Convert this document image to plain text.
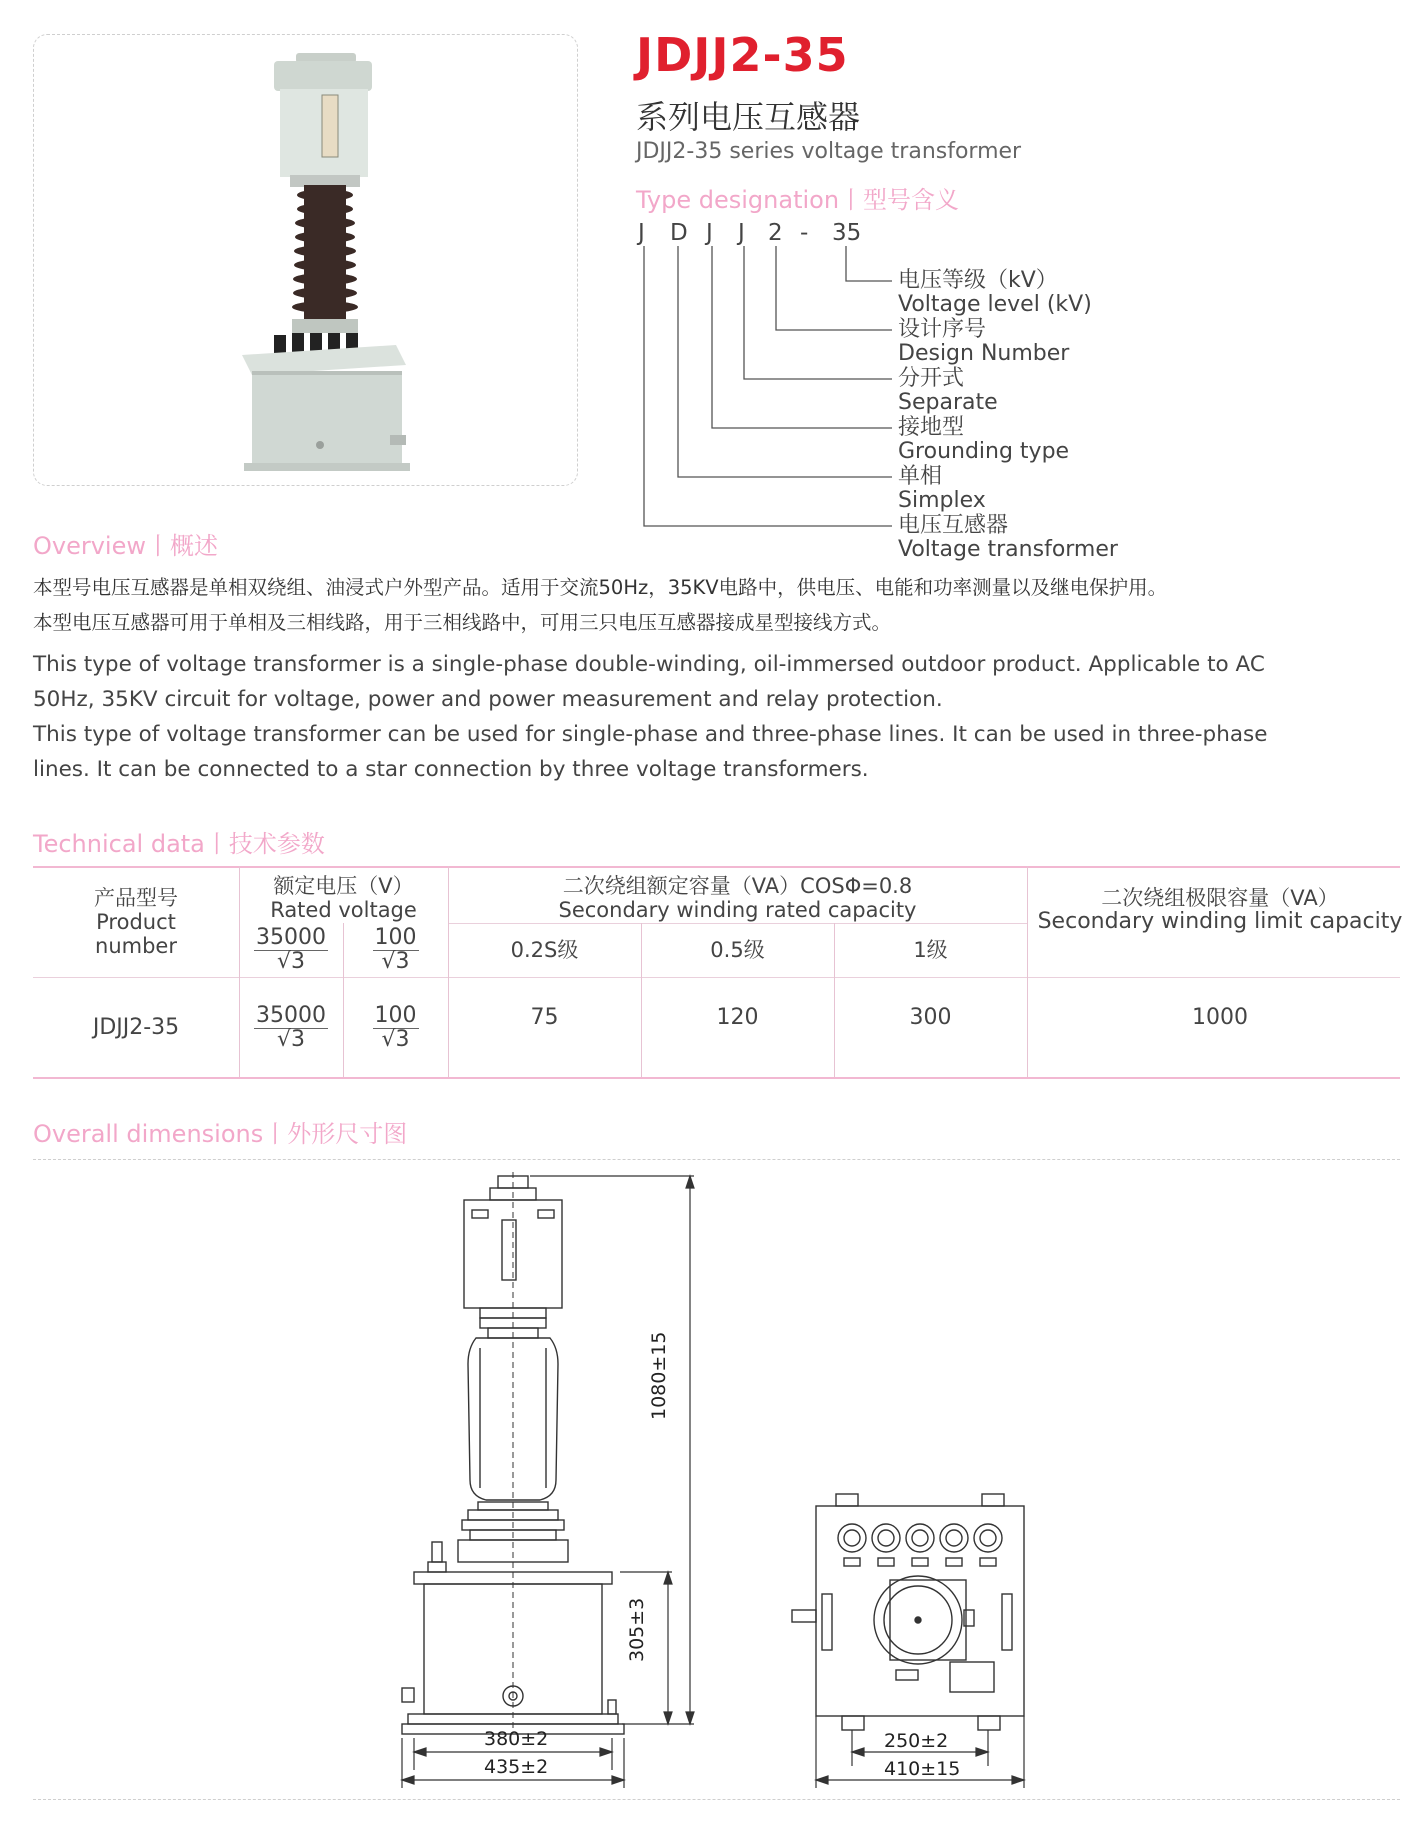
JDJJ2-35
系列电压互感器
JDJJ2-35 series voltage transformer
Type designation丨型号含义
J D J J 2 - 35
电压等级（kV）
Voltage level (kV)
设计序号
Design Number
分开式
Separate
接地型
Grounding type
单相
Simplex
电压互感器
Voltage transformer
Overview丨概述
本型号电压互感器是单相双绕组、油浸式户外型产品。适用于交流50Hz，35KV电路中，供电压、电能和功率测量以及继电保护用。
本型电压互感器可用于单相及三相线路，用于三相线路中，可用三只电压互感器接成星型接线方式。
This type of voltage transformer is a single-phase double-winding, oil-immersed outdoor product. Applicable to AC
50Hz, 35KV circuit for voltage, power and power measurement and relay protection.
This type of voltage transformer can be used for single-phase and three-phase lines. It can be used in three-phase
lines. It can be connected to a star connection by three voltage transformers.
Technical data丨技术参数
产品型号
Product
number
额定电压（V）
Rated voltage
$\frac{35000}{√3} \frac{100}{√3}$
二次绕组额定容量（VA）COSΦ=0.8
Secondary winding rated capacity
0.2S级	0.5级	1级
二次绕组极限容量（VA）
Secondary winding limit capacity
JDJJ2-35	$\frac{35000}{√3} \frac{100}{√3}$	75	120	300	1000
Overall dimensions丨外形尺寸图
1080±15
305±3
380±2
435±2
250±2
410±15
